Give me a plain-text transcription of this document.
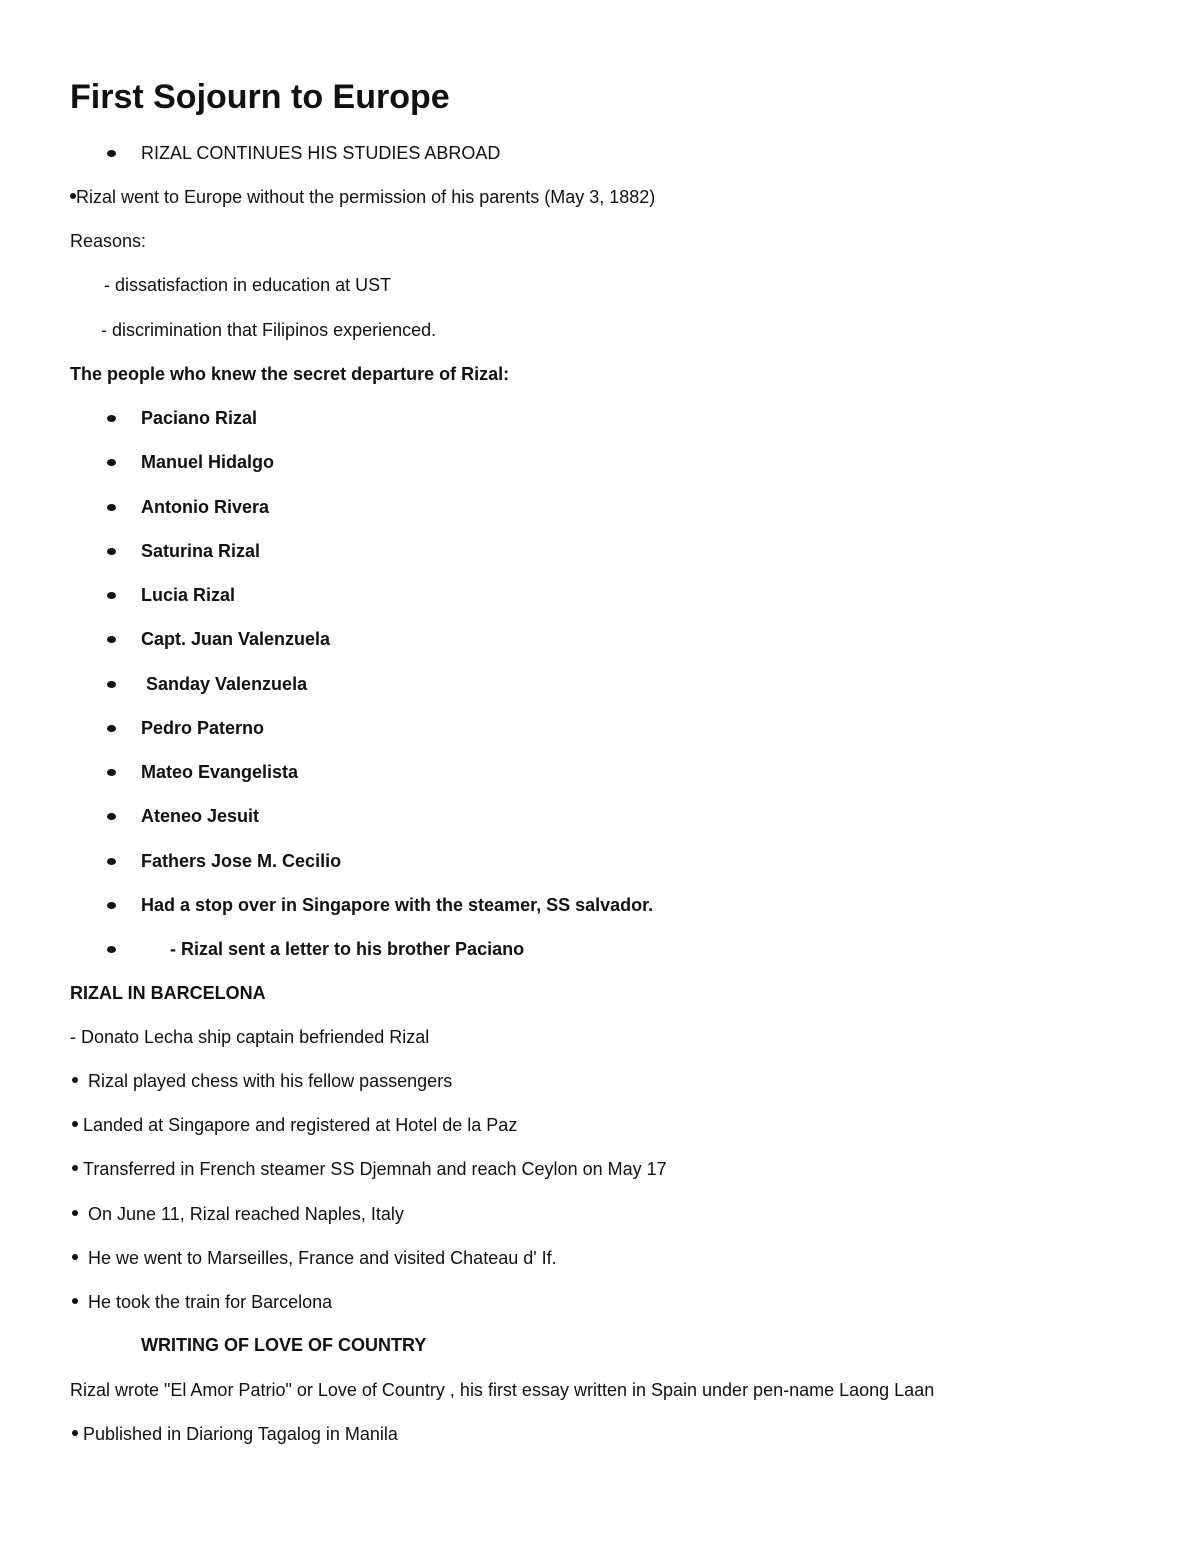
First Sojourn to Europe
RIZAL CONTINUES HIS STUDIES ABROAD
Rizal went to Europe without the permission of his parents (May 3, 1882)
Reasons:
- dissatisfaction in education at UST
- discrimination that Filipinos experienced.
The people who knew the secret departure of Rizal:
Paciano Rizal
Manuel Hidalgo
Antonio Rivera
Saturina Rizal
Lucia Rizal
Capt. Juan Valenzuela
Sanday Valenzuela
Pedro Paterno
Mateo Evangelista
Ateneo Jesuit
Fathers Jose M. Cecilio
Had a stop over in Singapore with the steamer, SS salvador.
- Rizal sent a letter to his brother Paciano
RIZAL IN BARCELONA
- Donato Lecha ship captain befriended Rizal
Rizal played chess with his fellow passengers
Landed at Singapore and registered at Hotel de la Paz
Transferred in French steamer SS Djemnah and reach Ceylon on May 17
On June 11, Rizal reached Naples, Italy
He we went to Marseilles, France and visited Chateau d' If.
He took the train for Barcelona
WRITING OF LOVE OF COUNTRY
Rizal wrote "El Amor Patrio" or Love of Country , his first essay written in Spain under pen-name Laong Laan
Published in Diariong Tagalog in Manila
